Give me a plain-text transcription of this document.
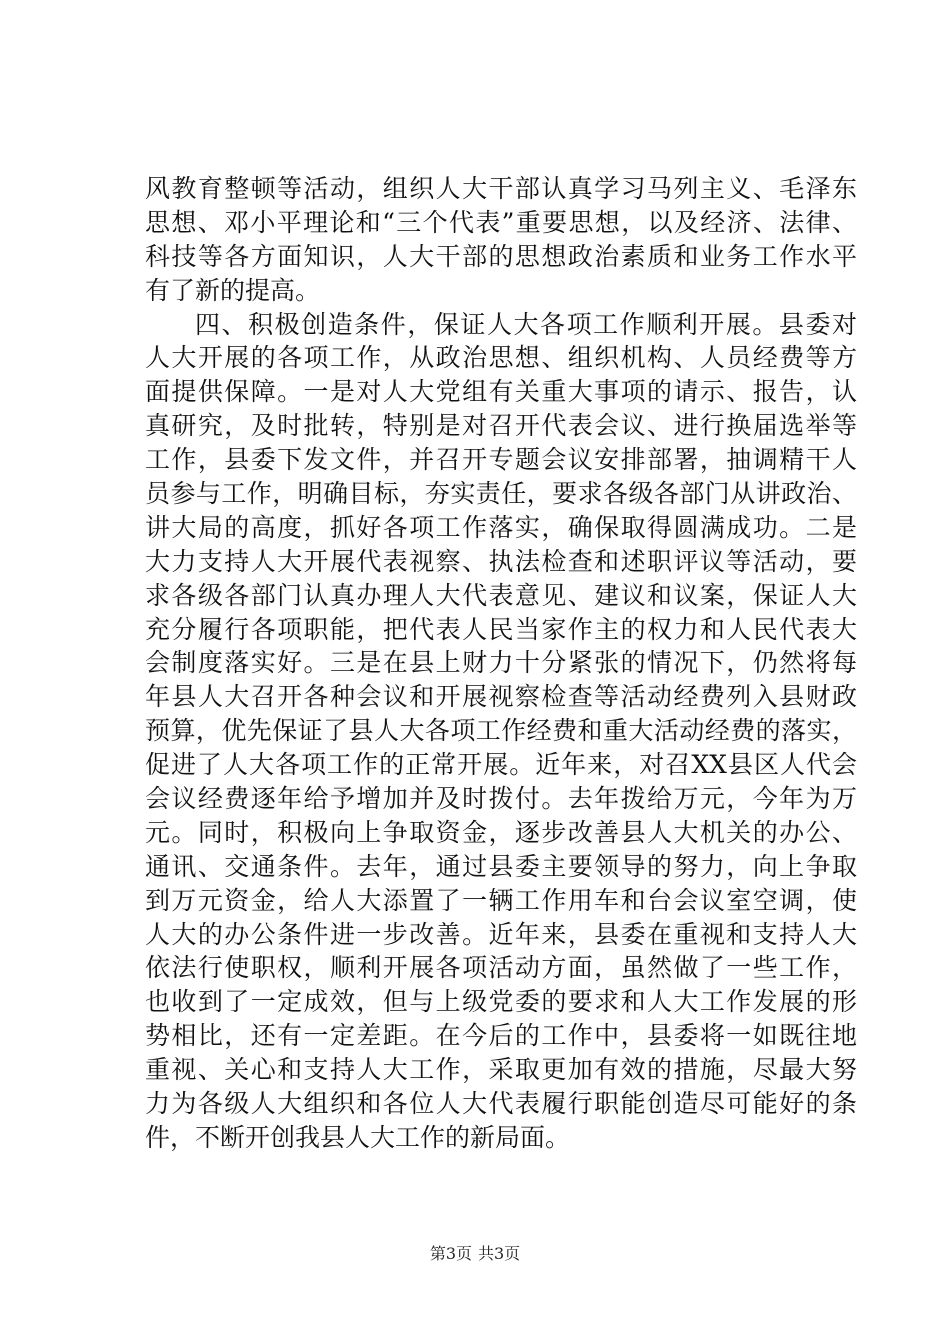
风教育整顿等活动，组织人大干部认真学习马列主义、毛泽东
思想、邓小平理论和“三个代表”重要思想，以及经济、法律、
科技等各方面知识，人大干部的思想政治素质和业务工作水平
有了新的提高。
四、积极创造条件，保证人大各项工作顺利开展。县委对
人大开展的各项工作，从政治思想、组织机构、人员经费等方
面提供保障。一是对人大党组有关重大事项的请示、报告，认
真研究，及时批转，特别是对召开代表会议、进行换届选举等
工作，县委下发文件，并召开专题会议安排部署，抽调精干人
员参与工作，明确目标，夯实责任，要求各级各部门从讲政治、
讲大局的高度，抓好各项工作落实，确保取得圆满成功。二是
大力支持人大开展代表视察、执法检查和述职评议等活动，要
求各级各部门认真办理人大代表意见、建议和议案，保证人大
充分履行各项职能，把代表人民当家作主的权力和人民代表大
会制度落实好。三是在县上财力十分紧张的情况下，仍然将每
年县人大召开各种会议和开展视察检查等活动经费列入县财政
预算，优先保证了县人大各项工作经费和重大活动经费的落实，
促进了人大各项工作的正常开展。近年来，对召XX县区人代会
会议经费逐年给予增加并及时拨付。去年拨给万元，今年为万
元。同时，积极向上争取资金，逐步改善县人大机关的办公、
通讯、交通条件。去年，通过县委主要领导的努力，向上争取
到万元资金，给人大添置了一辆工作用车和台会议室空调，使
人大的办公条件进一步改善。近年来，县委在重视和支持人大
依法行使职权，顺利开展各项活动方面，虽然做了一些工作，
也收到了一定成效，但与上级党委的要求和人大工作发展的形
势相比，还有一定差距。在今后的工作中，县委将一如既往地
重视、关心和支持人大工作，采取更加有效的措施，尽最大努
力为各级人大组织和各位人大代表履行职能创造尽可能好的条
件，不断开创我县人大工作的新局面。
第3页 共3页
